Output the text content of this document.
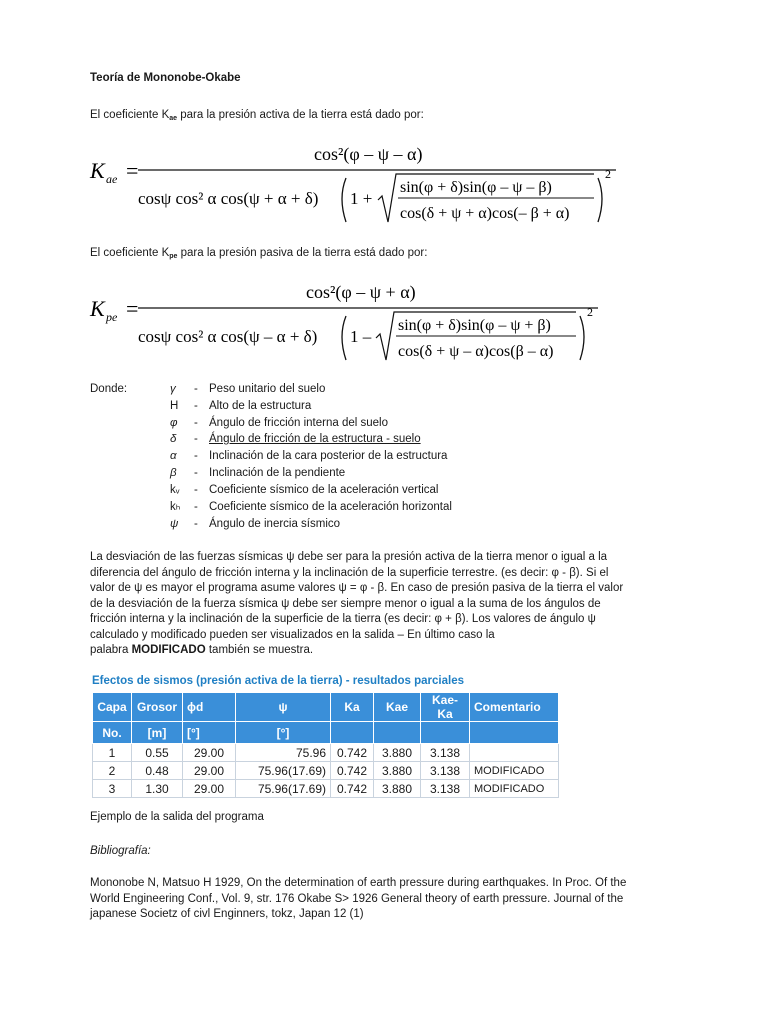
Teoría de Mononobe-Okabe
El coeficiente $K_{ae}$ para la presión activa de la tierra está dado por:
K ae =
cos²(φ – ψ – α)
cosψ cos² α cos(ψ + α + δ) 1 +
sin(φ + δ)sin(φ – ψ – β)
cos(δ + ψ + α)cos(– β + α)
2
El coeficiente $K_{pe}$ para la presión pasiva de la tierra está dado por:
K pe =
cos²(φ – ψ + α)
cosψ cos² α cos(ψ – α + δ) 1 –
sin(φ + δ)sin(φ – ψ + β)
cos(δ + ψ – α)cos(β – α)
2
Donde:	γ - Peso unitario del suelo
H - Alto de la estructura
φ - Ángulo de fricción interna del suelo
δ - Ángulo de fricción de la estructura - suelo
α - Inclinación de la cara posterior de la estructura
β - Inclinación de la pendiente
kᵥ - Coeficiente sísmico de la aceleración vertical
kₕ - Coeficiente sísmico de la aceleración horizontal
ψ - Ángulo de inercia sísmico
La desviación de las fuerzas sísmicas ψ debe ser para la presión activa de la tierra menor o igual a la
diferencia del ángulo de fricción interna y la inclinación de la superficie terrestre. (es decir: φ - β). Si el
valor de ψ es mayor el programa asume valores ψ = φ - β. En caso de presión pasiva de la tierra el valor
de la desviación de la fuerza sísmica ψ debe ser siempre menor o igual a la suma de los ángulos de
fricción interna y la inclinación de la superficie de la tierra (es decir: φ + β). Los valores de ángulo ψ
calculado y modificado pueden ser visualizados en la salida – En último caso la
palabra MODIFICADO también se muestra.
Efectos de sismos (presión activa de la tierra) - resultados parciales
Capa	Grosor	ϕd	ψ	Ka	Kae	Kae-Ka	Comentario
No.	[m]	[°]	[°]				
1	0.55	29.00	75.96	0.742	3.880	3.138	
2	0.48	29.00	75.96(17.69)	0.742	3.880	3.138	MODIFICADO
3	1.30	29.00	75.96(17.69)	0.742	3.880	3.138	MODIFICADO
Ejemplo de la salida del programa
Bibliografía:
Mononobe N, Matsuo H 1929, On the determination of earth pressure during earthquakes. In Proc. Of the
World Engineering Conf., Vol. 9, str. 176 Okabe S> 1926 General theory of earth pressure. Journal of the
japanese Societz of civl Enginners, tokz, Japan 12 (1)
